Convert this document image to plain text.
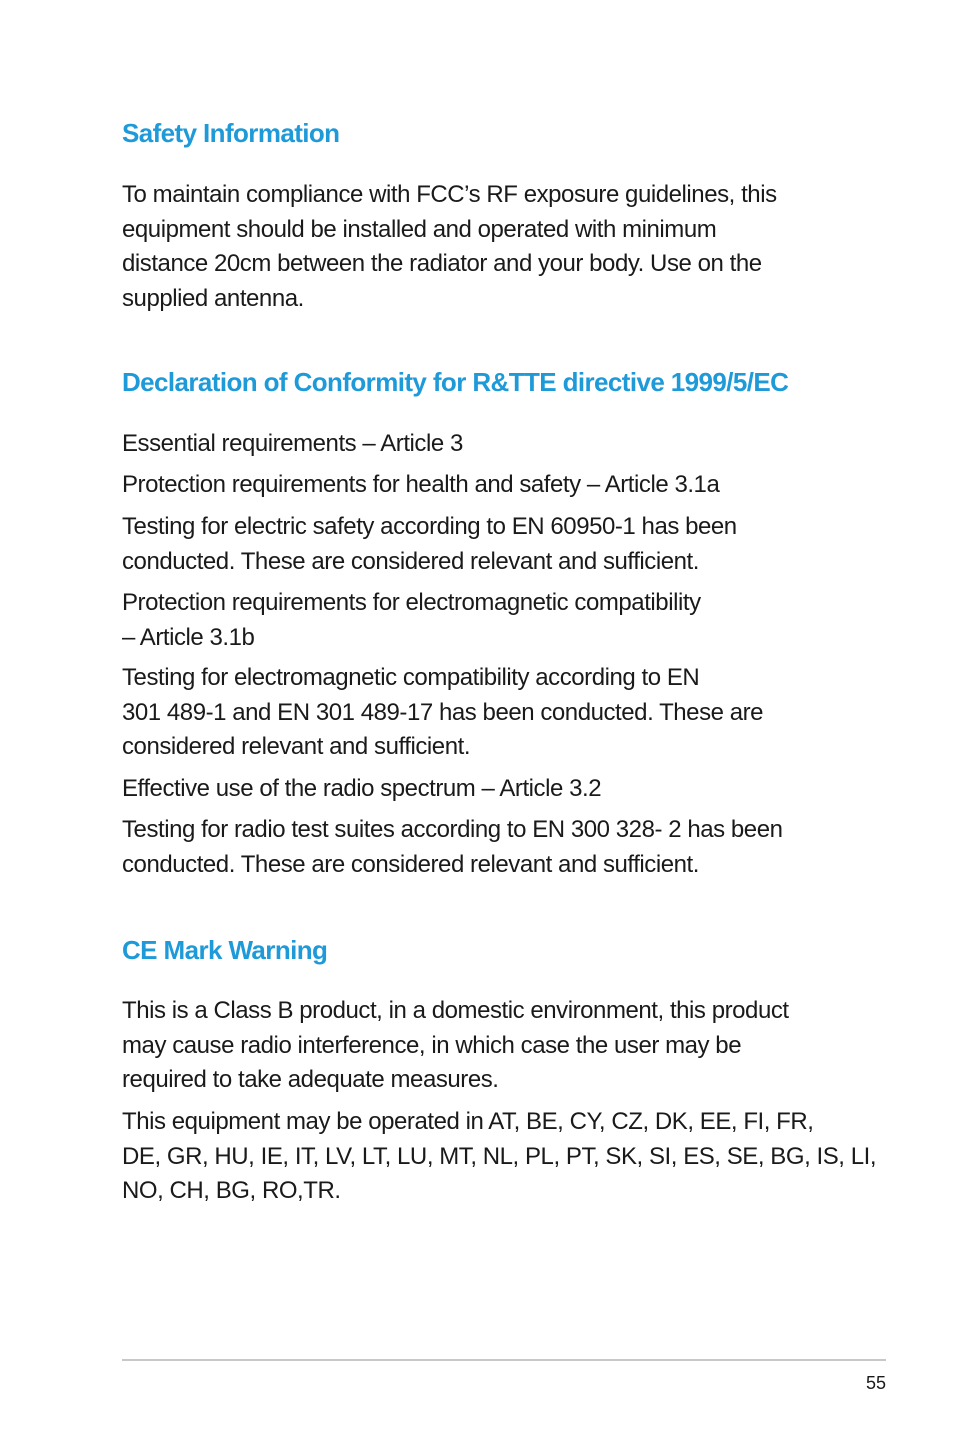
Safety Information
To maintain compliance with FCC’s RF exposure guidelines, this
equipment should be installed and operated with minimum
distance 20cm between the radiator and your body. Use on the
supplied antenna.
Declaration of Conformity for R&TTE directive 1999/5/EC
Essential requirements – Article 3
Protection requirements for health and safety – Article 3.1a
Testing for electric safety according to EN 60950-1 has been
conducted. These are considered relevant and sufficient.
Protection requirements for electromagnetic compatibility
– Article 3.1b
Testing for electromagnetic compatibility according to EN
301 489-1 and EN 301 489-17 has been conducted. These are
considered relevant and sufficient.
Effective use of the radio spectrum – Article 3.2
Testing for radio test suites according to EN 300 328- 2 has been
conducted. These are considered relevant and sufficient.
CE Mark Warning
This is a Class B product, in a domestic environment, this product
may cause radio interference, in which case the user may be
required to take adequate measures.
This equipment may be operated in AT, BE, CY, CZ, DK, EE, FI, FR,
DE, GR, HU, IE, IT, LV, LT, LU, MT, NL, PL, PT, SK, SI, ES, SE, BG, IS, LI,
NO, CH, BG, RO,TR.
55
